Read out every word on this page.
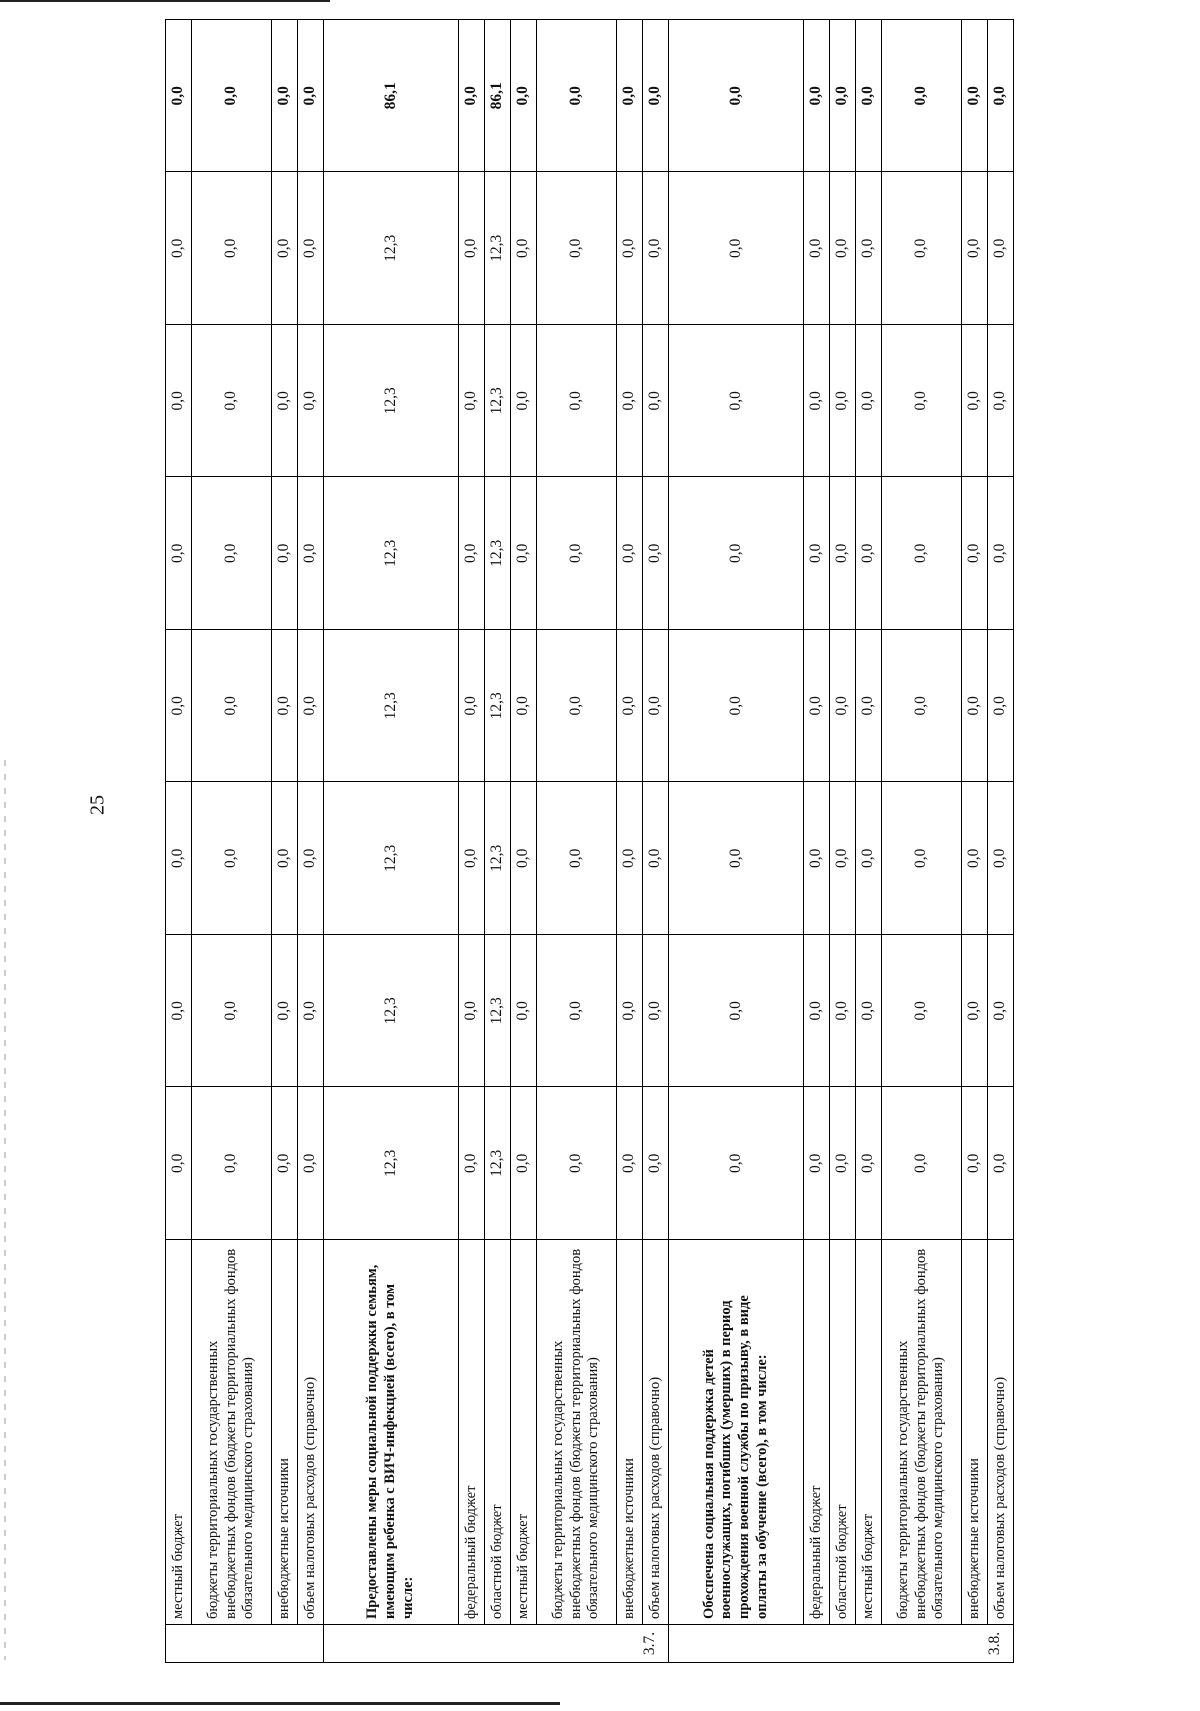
25
	местный бюджет	0,0	0,0	0,0	0,0	0,0	0,0	0,0	0,0
	бюджеты территориальных государственных внебюджетных фондов (бюджеты территориальных фондов обязательного медицинского страхования)	0,0	0,0	0,0	0,0	0,0	0,0	0,0	0,0
	внебюджетные источники	0,0	0,0	0,0	0,0	0,0	0,0	0,0	0,0
	объем налоговых расходов (справочно)	0,0	0,0	0,0	0,0	0,0	0,0	0,0	0,0
3.7.	Предоставлены меры социальной поддержки семьям, имеющим ребенка с ВИЧ-инфекцией (всего), в том числе:	12,3	12,3	12,3	12,3	12,3	12,3	12,3	86,1
	федеральный бюджет	0,0	0,0	0,0	0,0	0,0	0,0	0,0	0,0
	областной бюджет	12,3	12,3	12,3	12,3	12,3	12,3	12,3	86,1
	местный бюджет	0,0	0,0	0,0	0,0	0,0	0,0	0,0	0,0
	бюджеты территориальных государственных внебюджетных фондов (бюджеты территориальных фондов обязательного медицинского страхования)	0,0	0,0	0,0	0,0	0,0	0,0	0,0	0,0
	внебюджетные источники	0,0	0,0	0,0	0,0	0,0	0,0	0,0	0,0
	объем налоговых расходов (справочно)	0,0	0,0	0,0	0,0	0,0	0,0	0,0	0,0
3.8.	Обеспечена социальная поддержка детей военнослужащих, погибших (умерших) в период прохождения военной службы по призыву, в виде оплаты за обучение (всего), в том числе:	0,0	0,0	0,0	0,0	0,0	0,0	0,0	0,0
	федеральный бюджет	0,0	0,0	0,0	0,0	0,0	0,0	0,0	0,0
	областной бюджет	0,0	0,0	0,0	0,0	0,0	0,0	0,0	0,0
	местный бюджет	0,0	0,0	0,0	0,0	0,0	0,0	0,0	0,0
	бюджеты территориальных государственных внебюджетных фондов (бюджеты территориальных фондов обязательного медицинского страхования)	0,0	0,0	0,0	0,0	0,0	0,0	0,0	0,0
	внебюджетные источники	0,0	0,0	0,0	0,0	0,0	0,0	0,0	0,0
	объем налоговых расходов (справочно)	0,0	0,0	0,0	0,0	0,0	0,0	0,0	0,0
